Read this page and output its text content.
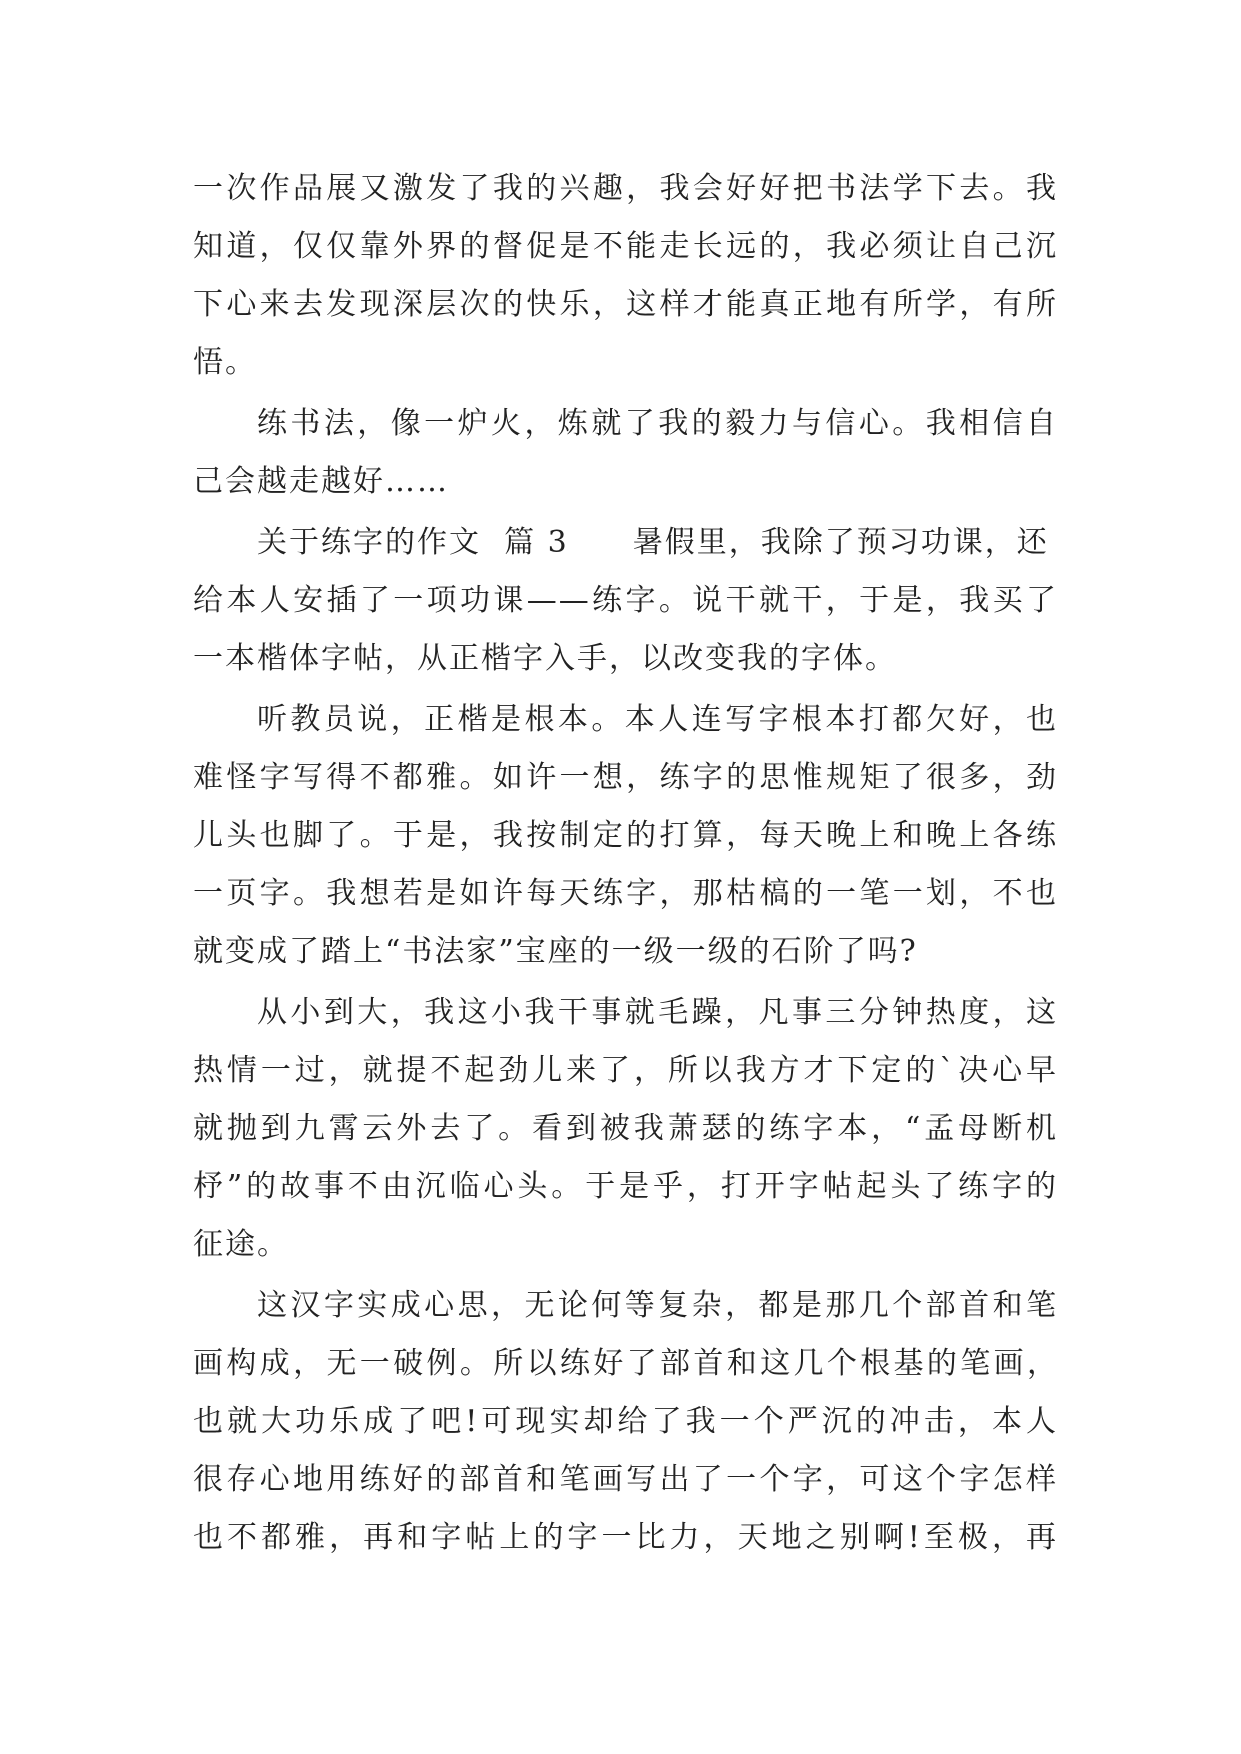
一次作品展又激发了我的兴趣，我会好好把书法学下去。我
知道，仅仅靠外界的督促是不能走长远的，我必须让自己沉
下心来去发现深层次的快乐，这样才能真正地有所学，有所
悟。
练书法，像一炉火，炼就了我的毅力与信心。我相信自
己会越走越好……
关于练字的作文  篇 3　　暑假里，我除了预习功课，还
给本人安插了一项功课——练字。说干就干，于是，我买了
一本楷体字帖，从正楷字入手，以改变我的字体。
听教员说，正楷是根本。本人连写字根本打都欠好，也
难怪字写得不都雅。如许一想，练字的思惟规矩了很多，劲
儿头也脚了。于是，我按制定的打算，每天晚上和晚上各练
一页字。我想若是如许每天练字，那枯槁的一笔一划，不也
就变成了踏上“书法家”宝座的一级一级的石阶了吗?
从小到大，我这小我干事就毛躁，凡事三分钟热度，这
热情一过，就提不起劲儿来了，所以我方才下定的`决心早
就抛到九霄云外去了。看到被我萧瑟的练字本，“孟母断机
杼”的故事不由沉临心头。于是乎，打开字帖起头了练字的
征途。
这汉字实成心思，无论何等复杂，都是那几个部首和笔
画构成，无一破例。所以练好了部首和这几个根基的笔画，
也就大功乐成了吧!可现实却给了我一个严沉的冲击，本人
很存心地用练好的部首和笔画写出了一个字，可这个字怎样
也不都雅，再和字帖上的字一比力，天地之别啊!至极，再
